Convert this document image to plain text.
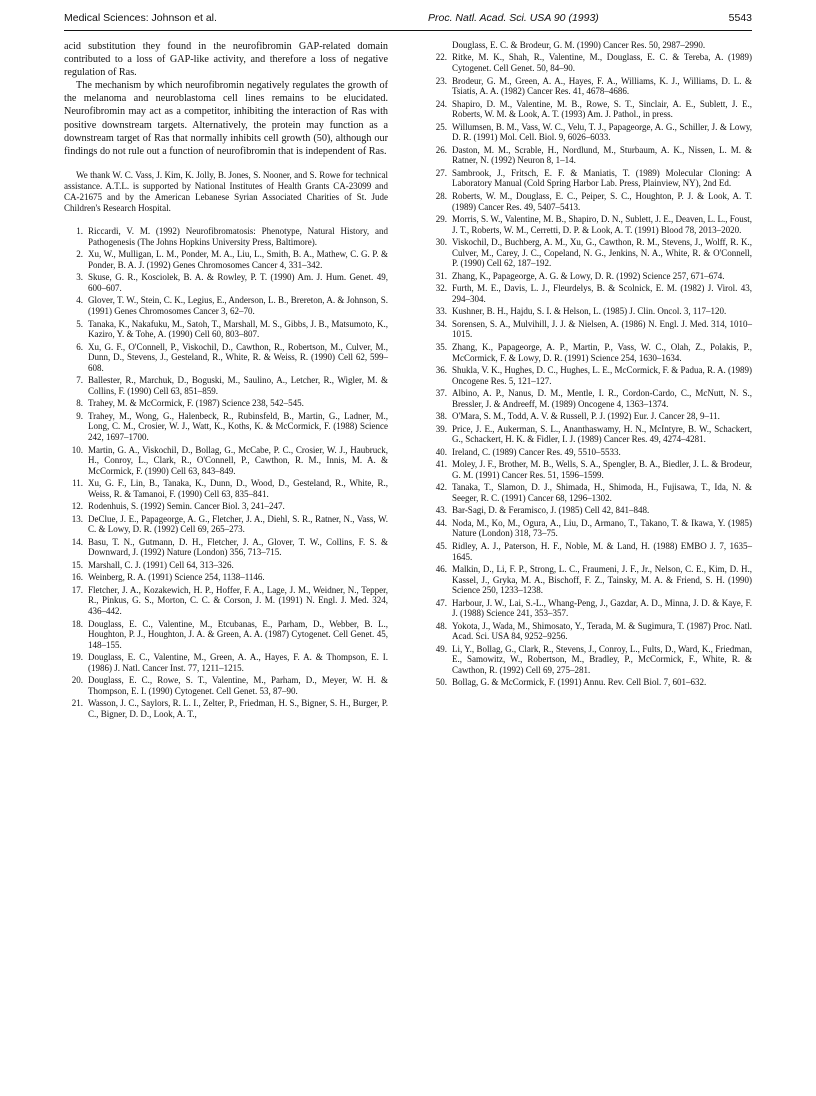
Medical Sciences: Johnson et al.	Proc. Natl. Acad. Sci. USA 90 (1993)	5543

acid substitution they found in the neurofibromin GAP-related domain contributed to a loss of GAP-like activity, and therefore a loss of negative regulation of Ras.

The mechanism by which neurofibromin negatively regulates the growth of the melanoma and neuroblastoma cell lines remains to be elucidated. Neurofibromin may act as a competitor, inhibiting the interaction of Ras with positive downstream targets. Alternatively, the protein may function as a downstream target of Ras that normally inhibits cell growth (50), although our findings do not rule out a function of neurofibromin that is independent of Ras.

We thank W. C. Vass, J. Kim, K. Jolly, B. Jones, S. Nooner, and S. Rowe for technical assistance. A.T.L. is supported by National Institutes of Health Grants CA-23099 and CA-21675 and by the American Lebanese Syrian Associated Charities of St. Jude Children's Research Hospital.

1. Riccardi, V. M. (1992) Neurofibromatosis: Phenotype, Natural History, and Pathogenesis (The Johns Hopkins University Press, Baltimore).
2. Xu, W., Mulligan, L. M., Ponder, M. A., Liu, L., Smith, B. A., Mathew, C. G. P. & Ponder, B. A. J. (1992) Genes Chromosomes Cancer 4, 331–342.
3. Skuse, G. R., Kosciolek, B. A. & Rowley, P. T. (1990) Am. J. Hum. Genet. 49, 600–607.
4. Glover, T. W., Stein, C. K., Legius, E., Anderson, L. B., Brereton, A. & Johnson, S. (1991) Genes Chromosomes Cancer 3, 62–70.
5. Tanaka, K., Nakafuku, M., Satoh, T., Marshall, M. S., Gibbs, J. B., Matsumoto, K., Kaziro, Y. & Tohe, A. (1990) Cell 60, 803–807.
6. Xu, G. F., O'Connell, P., Viskochil, D., Cawthon, R., Robertson, M., Culver, M., Dunn, D., Stevens, J., Gesteland, R., White, R. & Weiss, R. (1990) Cell 62, 599–608.
7. Ballester, R., Marchuk, D., Boguski, M., Saulino, A., Letcher, R., Wigler, M. & Collins, F. (1990) Cell 63, 851–859.
8. Trahey, M. & McCormick, F. (1987) Science 238, 542–545.
9. Trahey, M., Wong, G., Halenbeck, R., Rubinsfeld, B., Martin, G., Ladner, M., Long, C. M., Crosier, W. J., Watt, K., Koths, K. & McCormick, F. (1988) Science 242, 1697–1700.
10. Martin, G. A., Viskochil, D., Bollag, G., McCabe, P. C., Crosier, W. J., Haubruck, H., Conroy, L., Clark, R., O'Connell, P., Cawthon, R. M., Innis, M. A. & McCormick, F. (1990) Cell 63, 843–849.
11. Xu, G. F., Lin, B., Tanaka, K., Dunn, D., Wood, D., Gesteland, R., White, R., Weiss, R. & Tamanoi, F. (1990) Cell 63, 835–841.
12. Rodenhuis, S. (1992) Semin. Cancer Biol. 3, 241–247.
13. DeClue, J. E., Papageorge, A. G., Fletcher, J. A., Diehl, S. R., Ratner, N., Vass, W. C. & Lowy, D. R. (1992) Cell 69, 265–273.
14. Basu, T. N., Gutmann, D. H., Fletcher, J. A., Glover, T. W., Collins, F. S. & Downward, J. (1992) Nature (London) 356, 713–715.
15. Marshall, C. J. (1991) Cell 64, 313–326.
16. Weinberg, R. A. (1991) Science 254, 1138–1146.
17. Fletcher, J. A., Kozakewich, H. P., Hoffer, F. A., Lage, J. M., Weidner, N., Tepper, R., Pinkus, G. S., Morton, C. C. & Corson, J. M. (1991) N. Engl. J. Med. 324, 436–442.
18. Douglass, E. C., Valentine, M., Etcubanas, E., Parham, D., Webber, B. L., Houghton, P. J., Houghton, J. A. & Green, A. A. (1987) Cytogenet. Cell Genet. 45, 148–155.
19. Douglass, E. C., Valentine, M., Green, A. A., Hayes, F. A. & Thompson, E. I. (1986) J. Natl. Cancer Inst. 77, 1211–1215.
20. Douglass, E. C., Rowe, S. T., Valentine, M., Parham, D., Meyer, W. H. & Thompson, E. I. (1990) Cytogenet. Cell Genet. 53, 87–90.
21. Wasson, J. C., Saylors, R. L. I., Zelter, P., Friedman, H. S., Bigner, S. H., Burger, P. C., Bigner, D. D., Look, A. T.,
Douglass, E. C. & Brodeur, G. M. (1990) Cancer Res. 50, 2987–2990.
22. Ritke, M. K., Shah, R., Valentine, M., Douglass, E. C. & Tereba, A. (1989) Cytogenet. Cell Genet. 50, 84–90.
23. Brodeur, G. M., Green, A. A., Hayes, F. A., Williams, K. J., Williams, D. L. & Tsiatis, A. A. (1982) Cancer Res. 41, 4678–4686.
24. Shapiro, D. M., Valentine, M. B., Rowe, S. T., Sinclair, A. E., Sublett, J. E., Roberts, W. M. & Look, A. T. (1993) Am. J. Pathol., in press.
25. Willumsen, B. M., Vass, W. C., Velu, T. J., Papageorge, A. G., Schiller, J. & Lowy, D. R. (1991) Mol. Cell. Biol. 9, 6026–6033.
26. Daston, M. M., Scrable, H., Nordlund, M., Sturbaum, A. K., Nissen, L. M. & Ratner, N. (1992) Neuron 8, 1–14.
27. Sambrook, J., Fritsch, E. F. & Maniatis, T. (1989) Molecular Cloning: A Laboratory Manual (Cold Spring Harbor Lab. Press, Plainview, NY), 2nd Ed.
28. Roberts, W. M., Douglass, E. C., Peiper, S. C., Houghton, P. J. & Look, A. T. (1989) Cancer Res. 49, 5407–5413.
29. Morris, S. W., Valentine, M. B., Shapiro, D. N., Sublett, J. E., Deaven, L. L., Foust, J. T., Roberts, W. M., Cerretti, D. P. & Look, A. T. (1991) Blood 78, 2013–2020.
30. Viskochil, D., Buchberg, A. M., Xu, G., Cawthon, R. M., Stevens, J., Wolff, R. K., Culver, M., Carey, J. C., Copeland, N. G., Jenkins, N. A., White, R. & O'Connell, P. (1990) Cell 62, 187–192.
31. Zhang, K., Papageorge, A. G. & Lowy, D. R. (1992) Science 257, 671–674.
32. Furth, M. E., Davis, L. J., Fleurdelys, B. & Scolnick, E. M. (1982) J. Virol. 43, 294–304.
33. Kushner, B. H., Hajdu, S. I. & Helson, L. (1985) J. Clin. Oncol. 3, 117–120.
34. Sorensen, S. A., Mulvihill, J. J. & Nielsen, A. (1986) N. Engl. J. Med. 314, 1010–1015.
35. Zhang, K., Papageorge, A. P., Martin, P., Vass, W. C., Olah, Z., Polakis, P., McCormick, F. & Lowy, D. R. (1991) Science 254, 1630–1634.
36. Shukla, V. K., Hughes, D. C., Hughes, L. E., McCormick, F. & Padua, R. A. (1989) Oncogene Res. 5, 121–127.
37. Albino, A. P., Nanus, D. M., Mentle, I. R., Cordon-Cardo, C., McNutt, N. S., Bressler, J. & Andreeff, M. (1989) Oncogene 4, 1363–1374.
38. O'Mara, S. M., Todd, A. V. & Russell, P. J. (1992) Eur. J. Cancer 28, 9–11.
39. Price, J. E., Aukerman, S. L., Ananthaswamy, H. N., McIntyre, B. W., Schackert, G., Schackert, H. K. & Fidler, I. J. (1989) Cancer Res. 49, 4274–4281.
40. Ireland, C. (1989) Cancer Res. 49, 5510–5533.
41. Moley, J. F., Brother, M. B., Wells, S. A., Spengler, B. A., Biedler, J. L. & Brodeur, G. M. (1991) Cancer Res. 51, 1596–1599.
42. Tanaka, T., Slamon, D. J., Shimada, H., Shimoda, H., Fujisawa, T., Ida, N. & Seeger, R. C. (1991) Cancer 68, 1296–1302.
43. Bar-Sagi, D. & Feramisco, J. (1985) Cell 42, 841–848.
44. Noda, M., Ko, M., Ogura, A., Liu, D., Armano, T., Takano, T. & Ikawa, Y. (1985) Nature (London) 318, 73–75.
45. Ridley, A. J., Paterson, H. F., Noble, M. & Land, H. (1988) EMBO J. 7, 1635–1645.
46. Malkin, D., Li, F. P., Strong, L. C., Fraumeni, J. F., Jr., Nelson, C. E., Kim, D. H., Kassel, J., Gryka, M. A., Bischoff, F. Z., Tainsky, M. A. & Friend, S. H. (1990) Science 250, 1233–1238.
47. Harbour, J. W., Lai, S.-L., Whang-Peng, J., Gazdar, A. D., Minna, J. D. & Kaye, F. J. (1988) Science 241, 353–357.
48. Yokota, J., Wada, M., Shimosato, Y., Terada, M. & Sugimura, T. (1987) Proc. Natl. Acad. Sci. USA 84, 9252–9256.
49. Li, Y., Bollag, G., Clark, R., Stevens, J., Conroy, L., Fults, D., Ward, K., Friedman, E., Samowitz, W., Robertson, M., Bradley, P., McCormick, F., White, R. & Cawthon, R. (1992) Cell 69, 275–281.
50. Bollag, G. & McCormick, F. (1991) Annu. Rev. Cell Biol. 7, 601–632.
